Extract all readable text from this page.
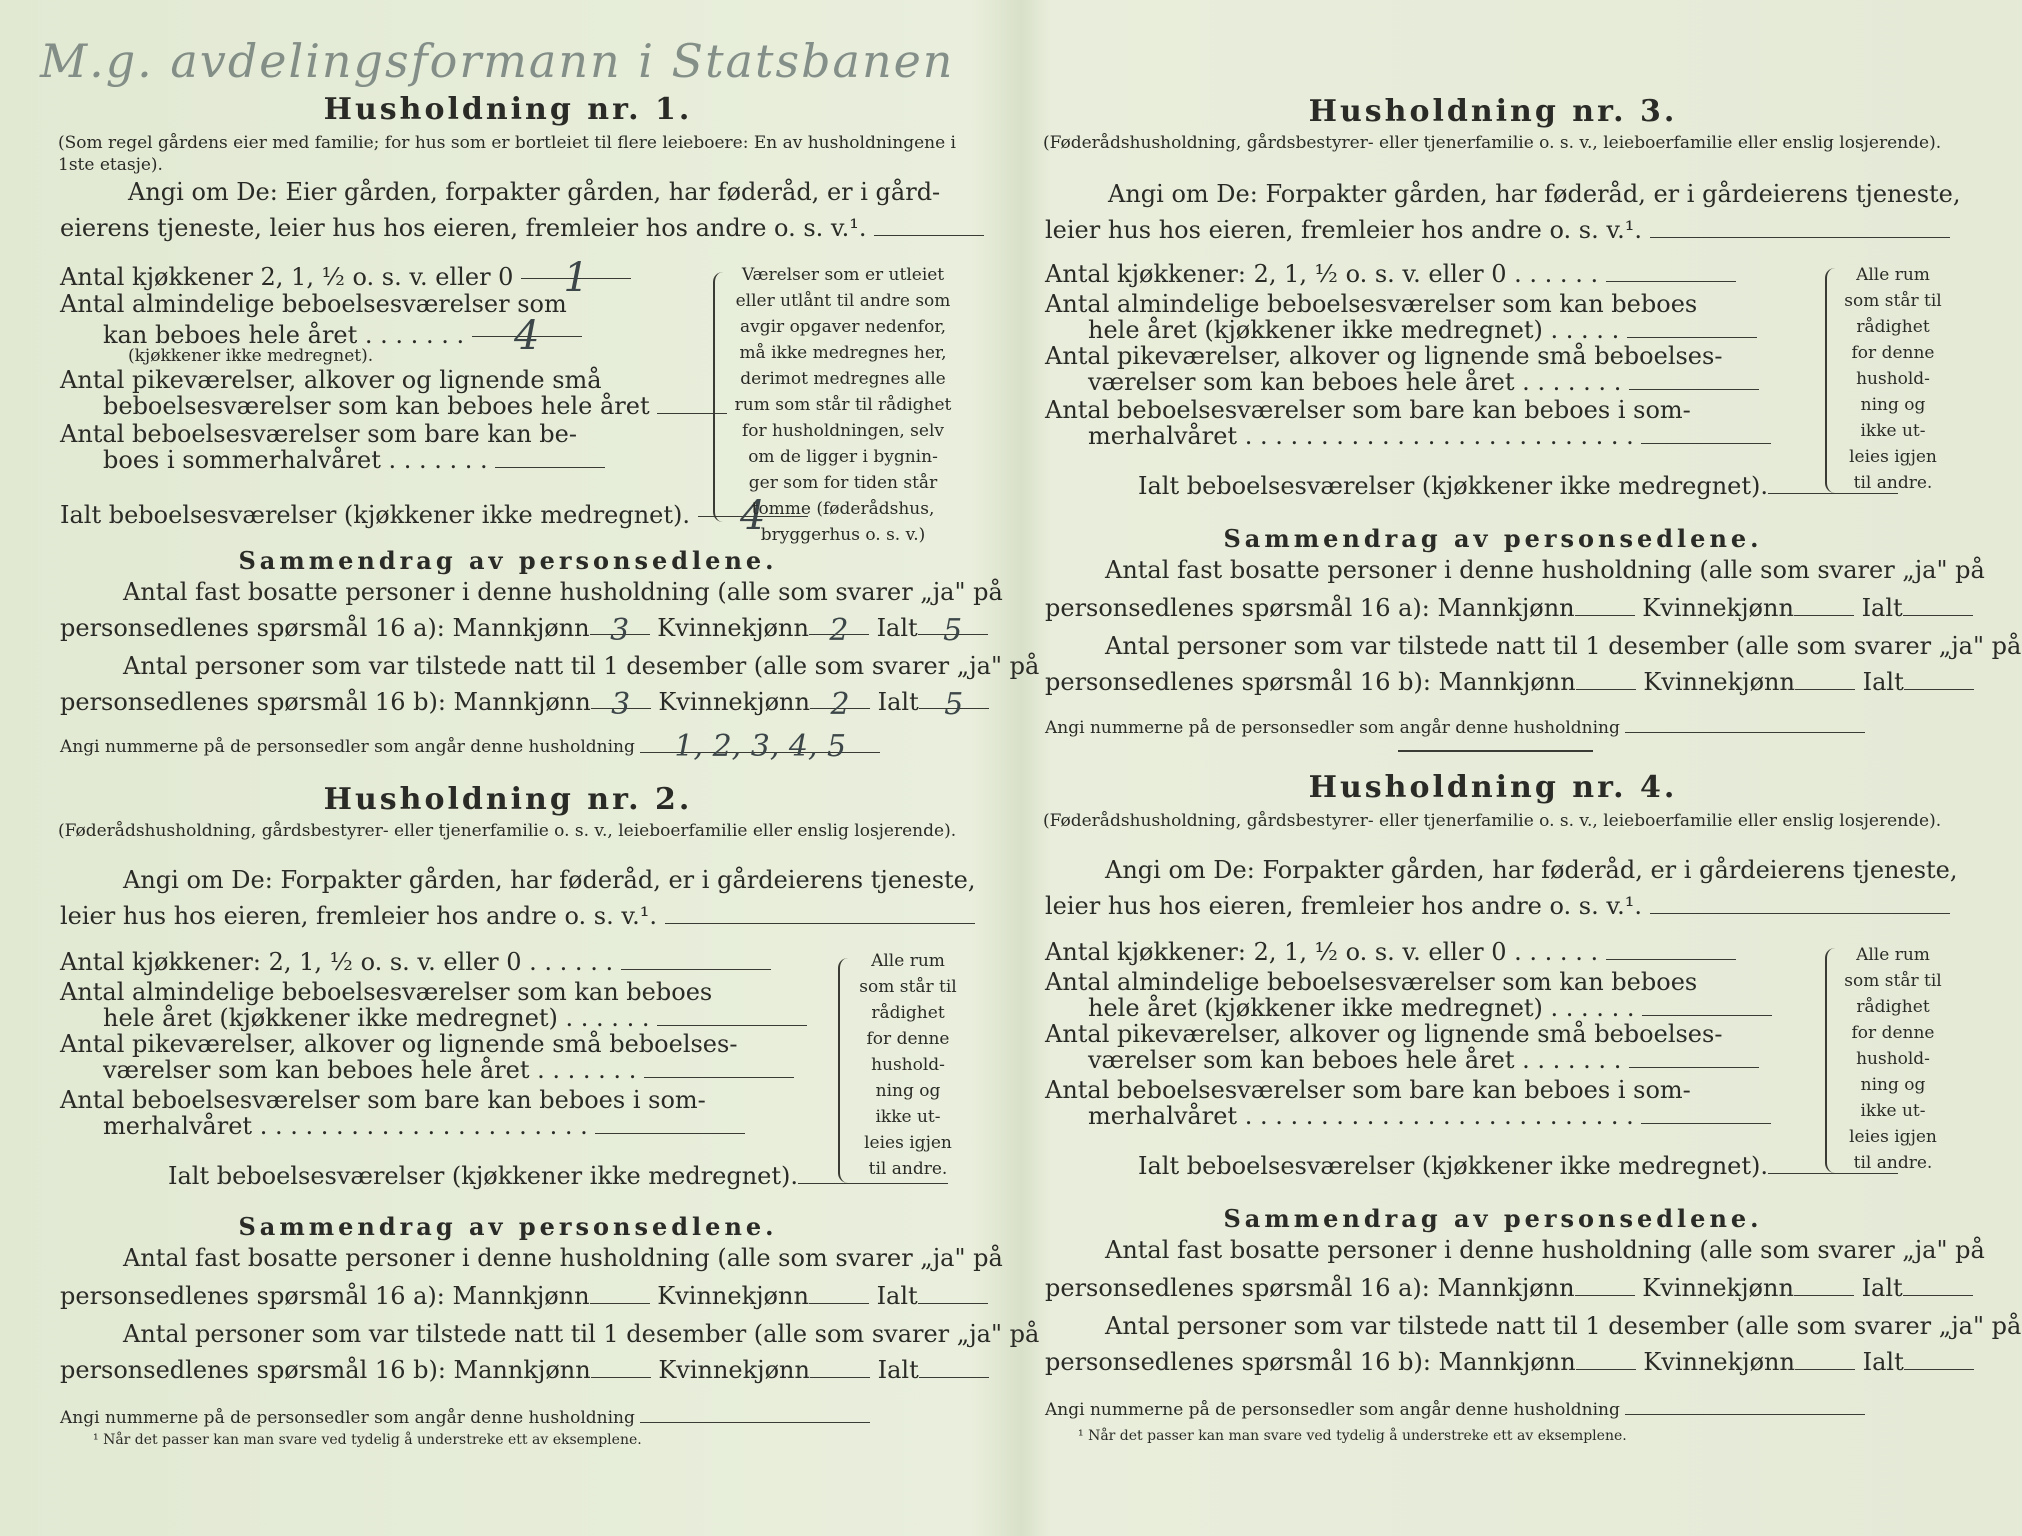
M.g. avdelingsformann i Statsbanen
Husholdning nr. 1.
(Som regel gårdens eier med familie; for hus som er bortleiet til flere leieboere: En av husholdningene i 1ste etasje).
Angi om De: Eier gården, forpakter gården, har føderåd, er i gård-
eierens tjeneste, leier hus hos eieren, fremleier hos andre o. s. v.¹.
Antal kjøkkener 2, 1, ½ o. s. v. eller 0 1
Antal almindelige beboelsesværelser som
kan beboes hele året . . . . . . . 4
(kjøkkener ikke medregnet).
Antal pikeværelser, alkover og lignende små
beboelsesværelser som kan beboes hele året
Antal beboelsesværelser som bare kan be-
boes i sommerhalvåret . . . . . . .
Ialt beboelsesværelser (kjøkkener ikke medregnet). 4
Værelser som er utleiet
eller utlånt til andre som
avgir opgaver nedenfor,
må ikke medregnes her,
derimot medregnes alle
rum som står til rådighet
for husholdningen, selv
om de ligger i bygnin-
ger som for tiden står
tomme (føderådshus,
bryggerhus o. s. v.)
Sammendrag av personsedlene.
Antal fast bosatte personer i denne husholdning (alle som svarer „ja" på
personsedlenes spørsmål 16 a): Mannkjønn 3 Kvinnekjønn 2 Ialt 5
Antal personer som var tilstede natt til 1 desember (alle som svarer „ja" på
personsedlenes spørsmål 16 b): Mannkjønn 3 Kvinnekjønn 2 Ialt 5
Angi nummerne på de personsedler som angår denne husholdning 1, 2, 3, 4, 5
Husholdning nr. 2.
(Føderådshusholdning, gårdsbestyrer- eller tjenerfamilie o. s. v., leieboerfamilie eller enslig losjerende).
Angi om De: Forpakter gården, har føderåd, er i gårdeierens tjeneste,
leier hus hos eieren, fremleier hos andre o. s. v.¹.
Antal kjøkkener: 2, 1, ½ o. s. v. eller 0 . . . . . .
Antal almindelige beboelsesværelser som kan beboes
hele året (kjøkkener ikke medregnet) . . . . . .
Antal pikeværelser, alkover og lignende små beboelses-
værelser som kan beboes hele året . . . . . . .
Antal beboelsesværelser som bare kan beboes i som-
merhalvåret . . . . . . . . . . . . . . . . . . . . . .
Ialt beboelsesværelser (kjøkkener ikke medregnet).
Alle rum
som står til
rådighet
for denne
hushold-
ning og
ikke ut-
leies igjen
til andre.
Sammendrag av personsedlene.
Antal fast bosatte personer i denne husholdning (alle som svarer „ja" på
personsedlenes spørsmål 16 a): Mannkjønn	Kvinnekjønn	Ialt
Antal personer som var tilstede natt til 1 desember (alle som svarer „ja" på
personsedlenes spørsmål 16 b): Mannkjønn	Kvinnekjønn	Ialt
Angi nummerne på de personsedler som angår denne husholdning
¹ Når det passer kan man svare ved tydelig å understreke ett av eksemplene.
Husholdning nr. 3.
(Føderådshusholdning, gårdsbestyrer- eller tjenerfamilie o. s. v., leieboerfamilie eller enslig losjerende).
Angi om De: Forpakter gården, har føderåd, er i gårdeierens tjeneste,
leier hus hos eieren, fremleier hos andre o. s. v.¹.
Antal kjøkkener: 2, 1, ½ o. s. v. eller 0 . . . . . .
Antal almindelige beboelsesværelser som kan beboes
hele året (kjøkkener ikke medregnet) . . . . .
Antal pikeværelser, alkover og lignende små beboelses-
værelser som kan beboes hele året . . . . . . .
Antal beboelsesværelser som bare kan beboes i som-
merhalvåret . . . . . . . . . . . . . . . . . . . . . . . . . .
Ialt beboelsesværelser (kjøkkener ikke medregnet).
Alle rum
som står til
rådighet
for denne
hushold-
ning og
ikke ut-
leies igjen
til andre.
Sammendrag av personsedlene.
Antal fast bosatte personer i denne husholdning (alle som svarer „ja" på
personsedlenes spørsmål 16 a): Mannkjønn	Kvinnekjønn	Ialt
Antal personer som var tilstede natt til 1 desember (alle som svarer „ja" på
personsedlenes spørsmål 16 b): Mannkjønn	Kvinnekjønn	Ialt
Angi nummerne på de personsedler som angår denne husholdning
Husholdning nr. 4.
(Føderådshusholdning, gårdsbestyrer- eller tjenerfamilie o. s. v., leieboerfamilie eller enslig losjerende).
Angi om De: Forpakter gården, har føderåd, er i gårdeierens tjeneste,
leier hus hos eieren, fremleier hos andre o. s. v.¹.
Antal kjøkkener: 2, 1, ½ o. s. v. eller 0 . . . . . .
Antal almindelige beboelsesværelser som kan beboes
hele året (kjøkkener ikke medregnet) . . . . . .
Antal pikeværelser, alkover og lignende små beboelses-
værelser som kan beboes hele året . . . . . . .
Antal beboelsesværelser som bare kan beboes i som-
merhalvåret . . . . . . . . . . . . . . . . . . . . . . . . . .
Ialt beboelsesværelser (kjøkkener ikke medregnet).
Alle rum
som står til
rådighet
for denne
hushold-
ning og
ikke ut-
leies igjen
til andre.
Sammendrag av personsedlene.
Antal fast bosatte personer i denne husholdning (alle som svarer „ja" på
personsedlenes spørsmål 16 a): Mannkjønn	Kvinnekjønn	Ialt
Antal personer som var tilstede natt til 1 desember (alle som svarer „ja" på
personsedlenes spørsmål 16 b): Mannkjønn	Kvinnekjønn	Ialt
Angi nummerne på de personsedler som angår denne husholdning
¹ Når det passer kan man svare ved tydelig å understreke ett av eksemplene.
